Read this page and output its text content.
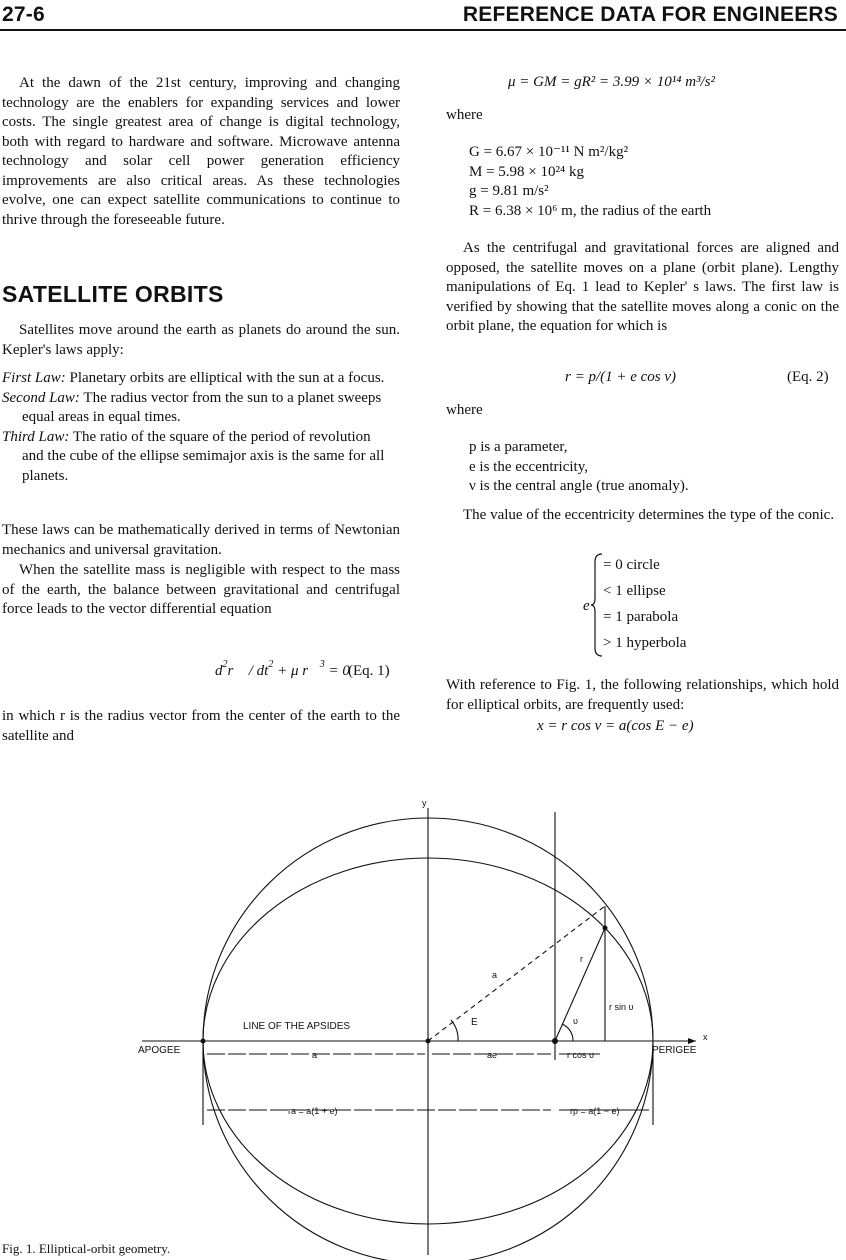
27-6	REFERENCE DATA FOR ENGINEERS

At the dawn of the 21st century, improving and changing technology are the enablers for expanding services and lower costs. The single greatest area of change is digital technology, both with regard to hardware and software. Microwave antenna technology and solar cell power generation efficiency improvements are also critical areas. As these technologies evolve, one can expect satellite communications to continue to thrive through the foreseeable future.

SATELLITE ORBITS

Satellites move around the earth as planets do around the sun. Kepler's laws apply:

First Law: Planetary orbits are elliptical with the sun at a focus.

Second Law: The radius vector from the sun to a planet sweeps equal areas in equal times.

Third Law: The ratio of the square of the period of revolution and the cube of the ellipse semimajor axis is the same for all planets.

These laws can be mathematically derived in terms of Newtonian mechanics and universal gravitation.

When the satellite mass is negligible with respect to the mass of the earth, the balance between gravitational and centrifugal force leads to the vector differential equation

$d^2r⃗ / dt^2 + \mu$ r⃗$^3$ = 0
(Eq. 1)

in which r is the radius vector from the center of the earth to the satellite and

μ = GM = gR² = 3.99 × 10¹⁴ m³/s²

where

G = 6.67 × 10⁻¹¹ N m²/kg²

M = 5.98 × 10²⁴ kg

g = 9.81 m/s²

R = 6.38 × 10⁶ m, the radius of the earth

As the centrifugal and gravitational forces are aligned and opposed, the satellite moves on a plane (orbit plane). Lengthy manipulations of Eq. 1 lead to Kepler' s laws. The first law is verified by showing that the satellite moves along a conic on the orbit plane, the equation for which is

r = p/(1 + e cos ν)	(Eq. 2)

where

p is a parameter,

e is the eccentricity,

ν is the central angle (true anomaly).

The value of the eccentricity determines the type of the conic.

e

= 0 circle

< 1 ellipse

= 1 parabola

> 1 hyperbola

With reference to Fig. 1, the following relationships, which hold for elliptical orbits, are frequently used:

x = r cos ν = a(cos E − e)
y
x
APOGEE	PERIGEE
LINE OF THE APSIDES
a
a	ae
r
E	υ
r sin υ
r cos υ
ra = a(1 + e)	rp = a(1 − e)
Fig. 1. Elliptical-orbit geometry.
